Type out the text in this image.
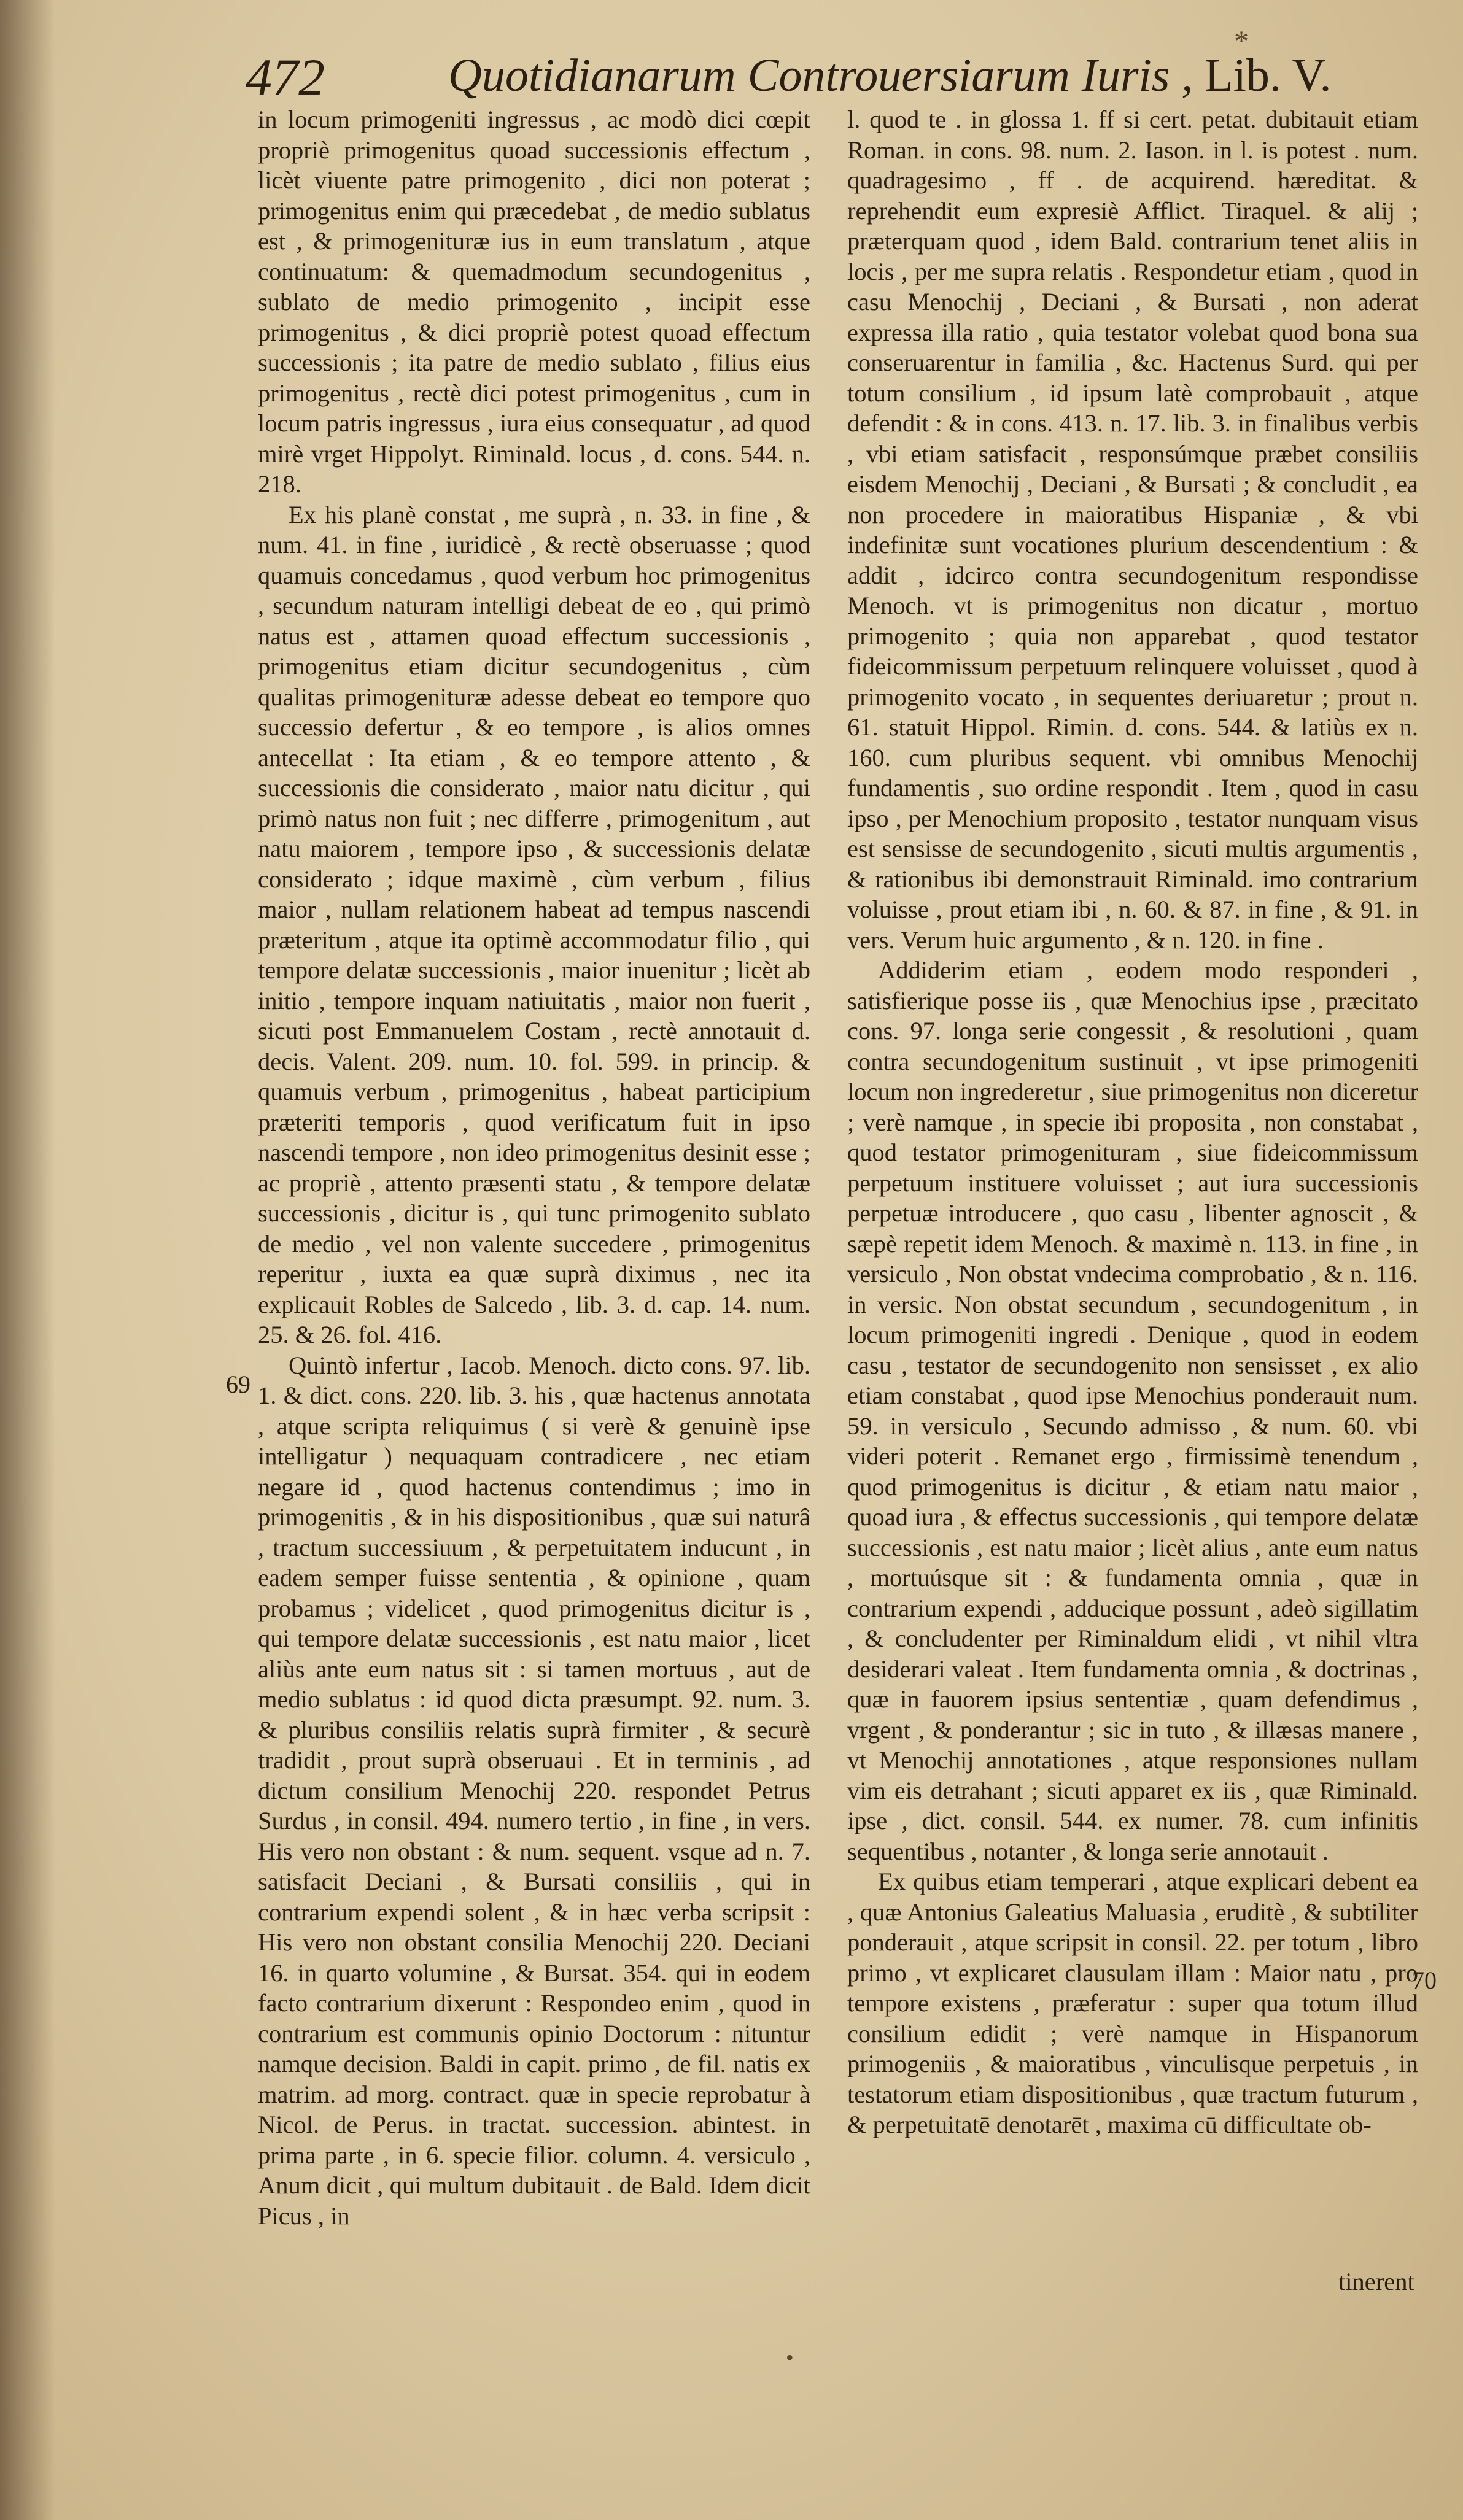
472	Quotidianarum Controuersiarum Iuris , Lib. V.
*

in locum primogeniti ingressus , ac modò dici cœpit propriè primogenitus quoad successionis effectum , licèt viuente patre primogenito , dici non poterat ; primogenitus enim qui præcedebat , de medio sublatus est , & primogenituræ ius in eum translatum , atque continuatum: & quemadmodum secundogenitus , sublato de medio primogenito , incipit esse primogenitus , & dici propriè potest quoad effectum successionis ; ita patre de medio sublato , filius eius primogenitus , rectè dici potest primogenitus , cum in locum patris ingressus , iura eius consequatur , ad quod mirè vrget Hippolyt. Riminald. locus , d. cons. 544. n. 218.

Ex his planè constat , me suprà , n. 33. in fine , & num. 41. in fine , iuridicè , & rectè obseruasse ; quod quamuis concedamus , quod verbum hoc primogenitus , secundum naturam intelligi debeat de eo , qui primò natus est , attamen quoad effectum successionis , primogenitus etiam dicitur secundogenitus , cùm qualitas primogenituræ adesse debeat eo tempore quo successio defertur , & eo tempore , is alios omnes antecellat : Ita etiam , & eo tempore attento , & successionis die considerato , maior natu dicitur , qui primò natus non fuit ; nec differre , primogenitum , aut natu maiorem , tempore ipso , & successionis delatæ considerato ; idque maximè , cùm verbum , filius maior , nullam relationem habeat ad tempus nascendi præteritum , atque ita optimè accommodatur filio , qui tempore delatæ successionis , maior inuenitur ; licèt ab initio , tempore inquam natiuitatis , maior non fuerit , sicuti post Emmanuelem Costam , rectè annotauit d. decis. Valent. 209. num. 10. fol. 599. in princip. & quamuis verbum , primogenitus , habeat participium præteriti temporis , quod verificatum fuit in ipso nascendi tempore , non ideo primogenitus desinit esse ; ac propriè , attento præsenti statu , & tempore delatæ successionis , dicitur is , qui tunc primogenito sublato de medio , vel non valente succedere , primogenitus reperitur , iuxta ea quæ suprà diximus , nec ita explicauit Robles de Salcedo , lib. 3. d. cap. 14. num. 25. & 26. fol. 416.

Quintò infertur , Iacob. Menoch. dicto cons. 97. lib. 1. & dict. cons. 220. lib. 3. his , quæ hactenus annotata , atque scripta reliquimus ( si verè & genuinè ipse intelligatur ) nequaquam contradicere , nec etiam negare id , quod hactenus contendimus ; imo in primogenitis , & in his dispositionibus , quæ sui naturâ , tractum successiuum , & perpetuitatem inducunt , in eadem semper fuisse sententia , & opinione , quam probamus ; videlicet , quod primogenitus dicitur is , qui tempore delatæ successionis , est natu maior , licet aliùs ante eum natus sit : si tamen mortuus , aut de medio sublatus : id quod dicta præsumpt. 92. num. 3. & pluribus consiliis relatis suprà firmiter , & securè tradidit , prout suprà obseruaui . Et in terminis , ad dictum consilium Menochij 220. respondet Petrus Surdus , in consil. 494. numero tertio , in fine , in vers. His vero non obstant : & num. sequent. vsque ad n. 7. satisfacit Deciani , & Bursati consiliis , qui in contrarium expendi solent , & in hæc verba scripsit : His vero non obstant consilia Menochij 220. Deciani 16. in quarto volumine , & Bursat. 354. qui in eodem facto contrarium dixerunt : Respondeo enim , quod in contrarium est communis opinio Doctorum : nituntur namque decision. Baldi in capit. primo , de fil. natis ex matrim. ad morg. contract. quæ in specie reprobatur à Nicol. de Perus. in tractat. succession. abintest. in prima parte , in 6. specie filior. column. 4. versiculo , Anum dicit , qui multum dubitauit . de Bald. Idem dicit Picus , in

l. quod te . in glossa 1. ff si cert. petat. dubitauit etiam Roman. in cons. 98. num. 2. Iason. in l. is potest . num. quadragesimo , ff . de acquirend. hæreditat. & reprehendit eum expresiè Afflict. Tiraquel. & alij ; præterquam quod , idem Bald. contrarium tenet aliis in locis , per me supra relatis . Respondetur etiam , quod in casu Menochij , Deciani , & Bursati , non aderat expressa illa ratio , quia testator volebat quod bona sua conseruarentur in familia , &c. Hactenus Surd. qui per totum consilium , id ipsum latè comprobauit , atque defendit : & in cons. 413. n. 17. lib. 3. in finalibus verbis , vbi etiam satisfacit , responsúmque præbet consiliis eisdem Menochij , Deciani , & Bursati ; & concludit , ea non procedere in maioratibus Hispaniæ , & vbi indefinitæ sunt vocationes plurium descendentium : & addit , idcirco contra secundogenitum respondisse Menoch. vt is primogenitus non dicatur , mortuo primogenito ; quia non apparebat , quod testator fideicommissum perpetuum relinquere voluisset , quod à primogenito vocato , in sequentes deriuaretur ; prout n. 61. statuit Hippol. Rimin. d. cons. 544. & latiùs ex n. 160. cum pluribus sequent. vbi omnibus Menochij fundamentis , suo ordine respondit . Item , quod in casu ipso , per Menochium proposito , testator nunquam visus est sensisse de secundogenito , sicuti multis argumentis , & rationibus ibi demonstrauit Riminald. imo contrarium voluisse , prout etiam ibi , n. 60. & 87. in fine , & 91. in vers. Verum huic argumento , & n. 120. in fine .

Addiderim etiam , eodem modo responderi , satisfierique posse iis , quæ Menochius ipse , præcitato cons. 97. longa serie congessit , & resolutioni , quam contra secundogenitum sustinuit , vt ipse primogeniti locum non ingrederetur , siue primogenitus non diceretur ; verè namque , in specie ibi proposita , non constabat , quod testator primogenituram , siue fideicommissum perpetuum instituere voluisset ; aut iura successionis perpetuæ introducere , quo casu , libenter agnoscit , & sæpè repetit idem Menoch. & maximè n. 113. in fine , in versiculo , Non obstat vndecima comprobatio , & n. 116. in versic. Non obstat secundum , secundogenitum , in locum primogeniti ingredi . Denique , quod in eodem casu , testator de secundogenito non sensisset , ex alio etiam constabat , quod ipse Menochius ponderauit num. 59. in versiculo , Secundo admisso , & num. 60. vbi videri poterit . Remanet ergo , firmissimè tenendum , quod primogenitus is dicitur , & etiam natu maior , quoad iura , & effectus successionis , qui tempore delatæ successionis , est natu maior ; licèt alius , ante eum natus , mortuúsque sit : & fundamenta omnia , quæ in contrarium expendi , adducique possunt , adeò sigillatim , & concludenter per Riminaldum elidi , vt nihil vltra desiderari valeat . Item fundamenta omnia , & doctrinas , quæ in fauorem ipsius sententiæ , quam defendimus , vrgent , & ponderantur ; sic in tuto , & illæsas manere , vt Menochij annotationes , atque responsiones nullam vim eis detrahant ; sicuti apparet ex iis , quæ Riminald. ipse , dict. consil. 544. ex numer. 78. cum infinitis sequentibus , notanter , & longa serie annotauit .

Ex quibus etiam temperari , atque explicari debent ea , quæ Antonius Galeatius Maluasia , eruditè , & subtiliter ponderauit , atque scripsit in consil. 22. per totum , libro primo , vt explicaret clausulam illam : Maior natu , pro tempore existens , præferatur : super qua totum illud consilium edidit ; verè namque in Hispanorum primogeniis , & maioratibus , vinculisque perpetuis , in testatorum etiam dispositionibus , quæ tractum futurum , & perpetuitatē denotarēt , maxima cū difficultate ob-

69
70
tinerent
•
